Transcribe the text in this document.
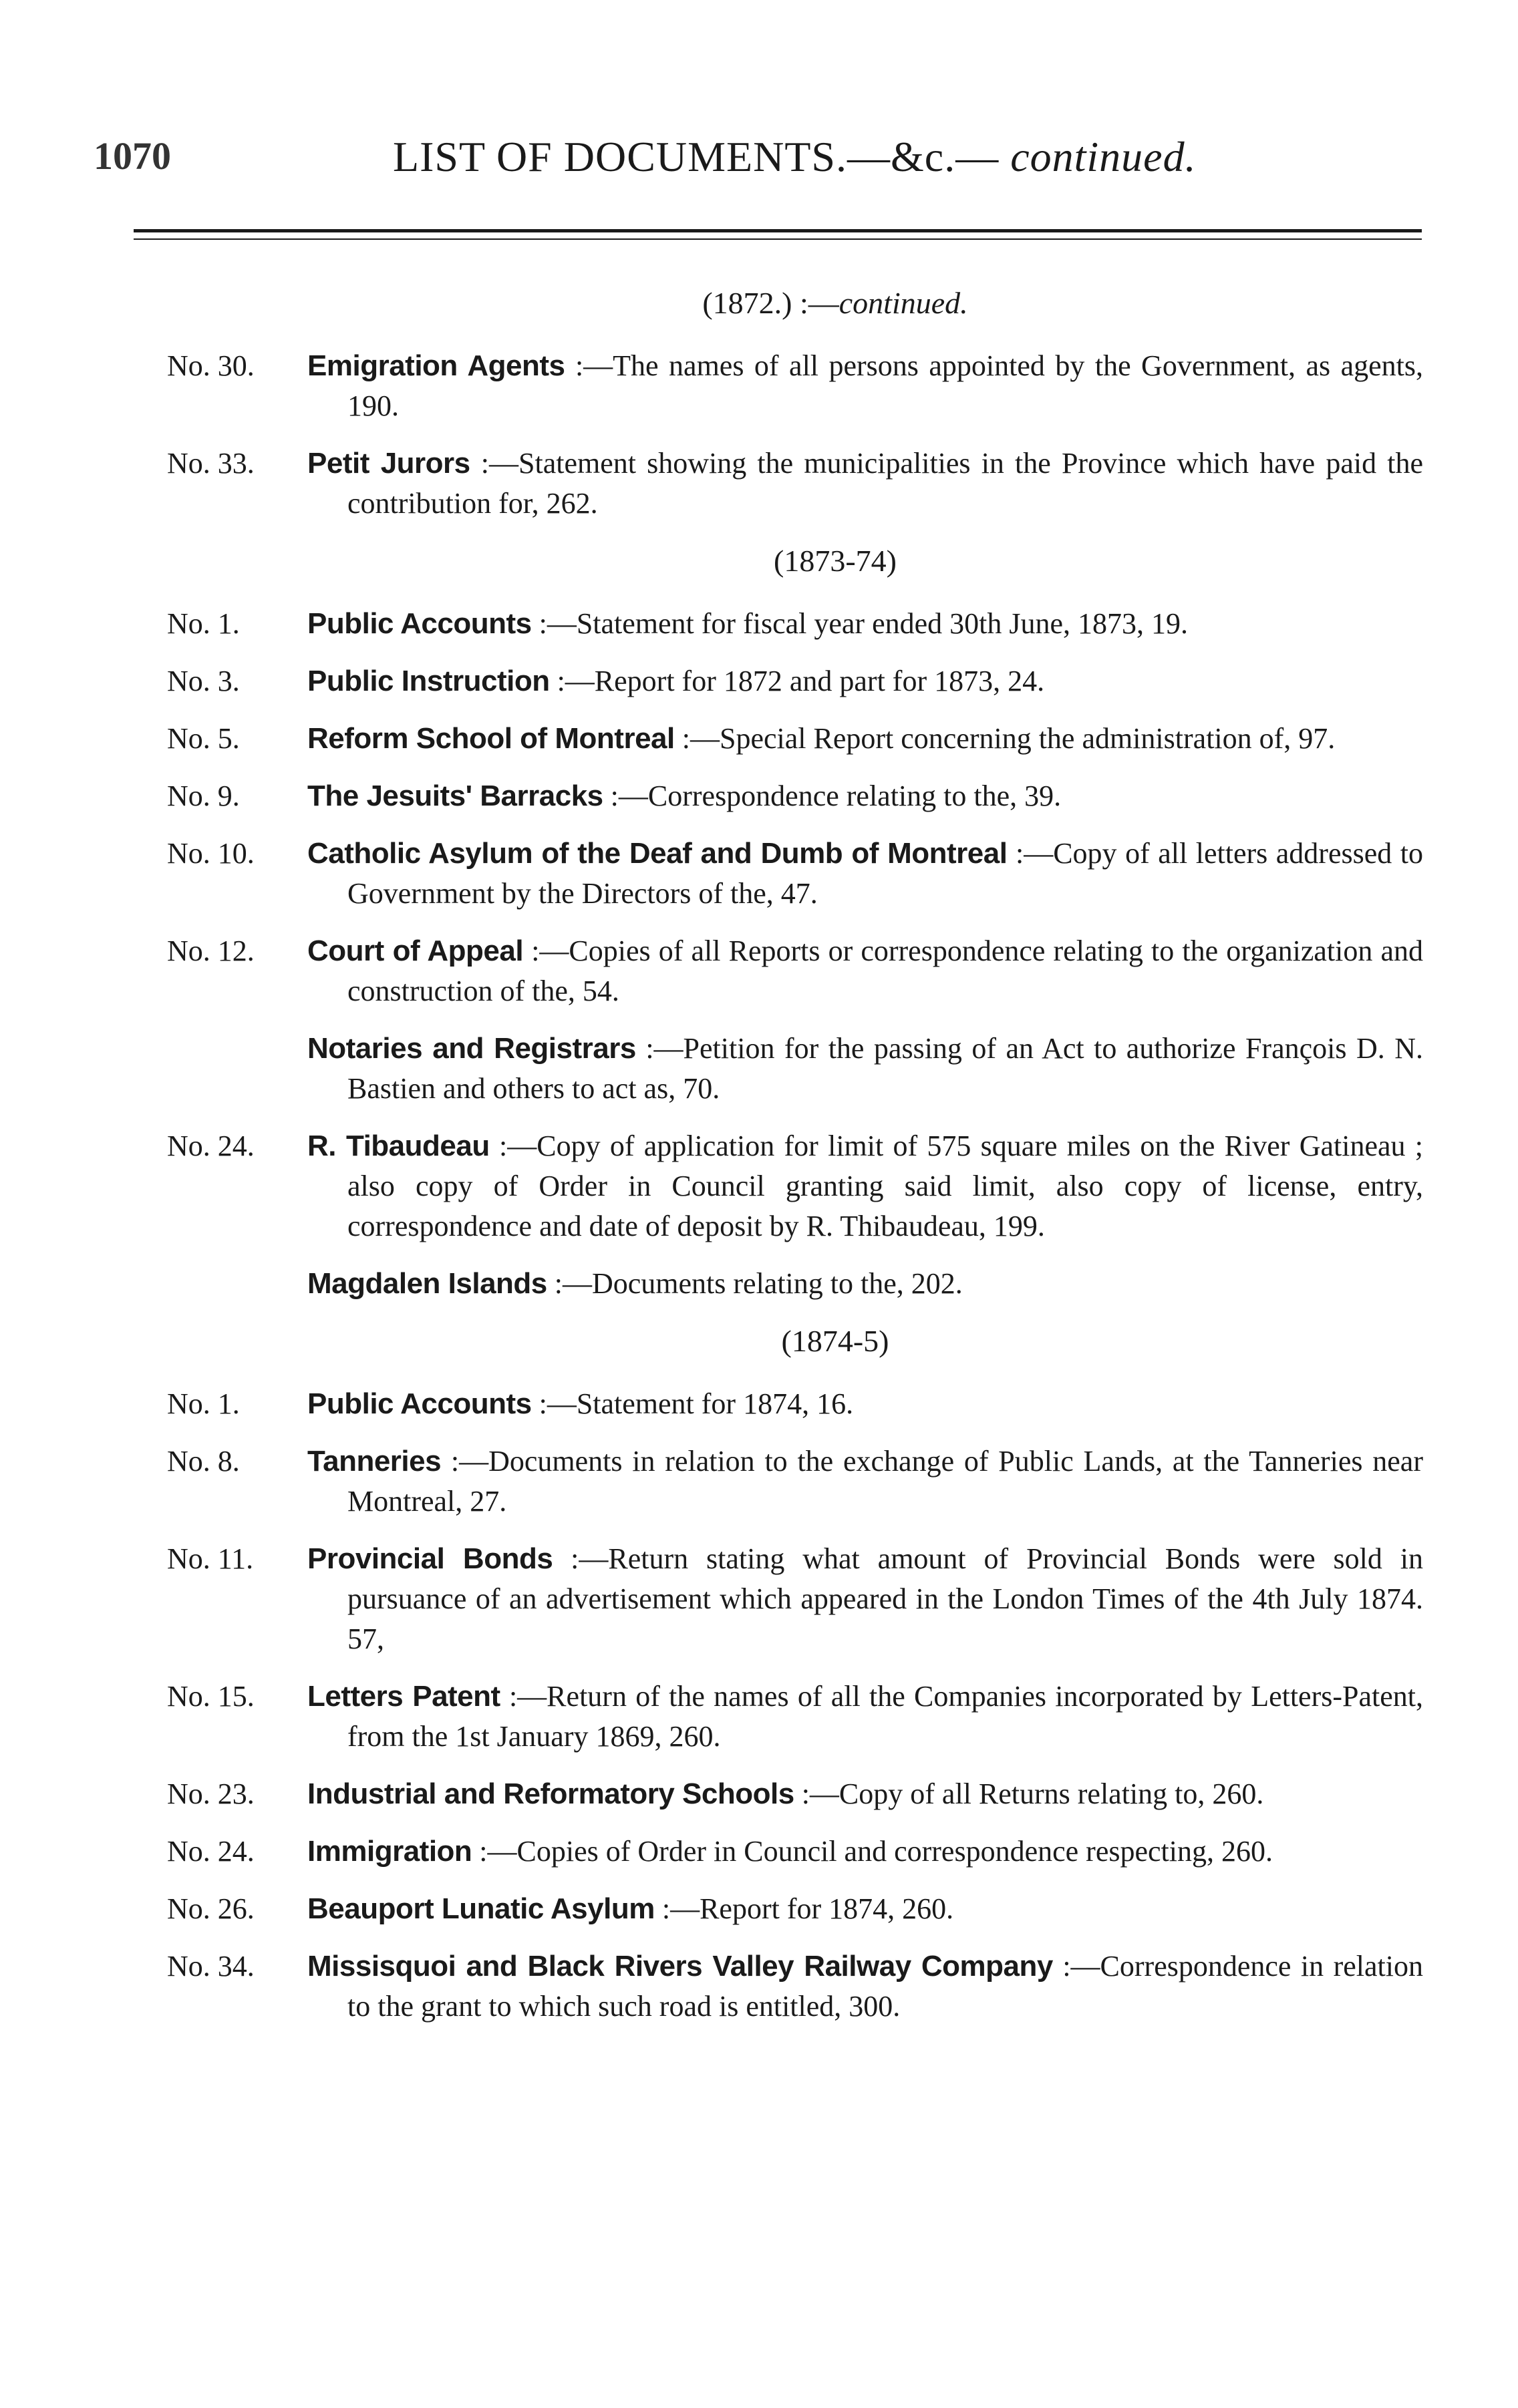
1070	LIST OF DOCUMENTS.—&c.— continued.
(1872.) :—continued.
No. 30.	Emigration Agents :—The names of all persons appointed by the Government, as agents, 190.
No. 33.	Petit Jurors :—Statement showing the municipalities in the Province which have paid the contribution for, 262.
(1873-74)
No. 1.	Public Accounts :—Statement for fiscal year ended 30th June, 1873, 19.
No. 3.	Public Instruction :—Report for 1872 and part for 1873, 24.
No. 5.	Reform School of Montreal :—Special Report concerning the administration of, 97.
No. 9.	The Jesuits' Barracks :—Correspondence relating to the, 39.
No. 10.	Catholic Asylum of the Deaf and Dumb of Montreal :—Copy of all letters addressed to Government by the Directors of the, 47.
No. 12.	Court of Appeal :—Copies of all Reports or correspondence relating to the organization and construction of the, 54.
Notaries and Registrars :—Petition for the passing of an Act to authorize François D. N. Bastien and others to act as, 70.
No. 24.	R. Tibaudeau :—Copy of application for limit of 575 square miles on the River Gatineau ; also copy of Order in Council granting said limit, also copy of license, entry, correspondence and date of deposit by R. Thibaudeau, 199.
Magdalen Islands :—Documents relating to the, 202.
(1874-5)
No. 1.	Public Accounts :—Statement for 1874, 16.
No. 8.	Tanneries :—Documents in relation to the exchange of Public Lands, at the Tanneries near Montreal, 27.
No. 11.	Provincial Bonds :—Return stating what amount of Provincial Bonds were sold in pursuance of an advertisement which appeared in the London Times of the 4th July 1874. 57,
No. 15.	Letters Patent :—Return of the names of all the Companies incorporated by Letters-Patent, from the 1st January 1869, 260.
No. 23.	Industrial and Reformatory Schools :—Copy of all Returns relating to, 260.
No. 24.	Immigration :—Copies of Order in Council and correspondence respecting, 260.
No. 26.	Beauport Lunatic Asylum :—Report for 1874, 260.
No. 34.	Missisquoi and Black Rivers Valley Railway Company :—Correspondence in relation to the grant to which such road is entitled, 300.
